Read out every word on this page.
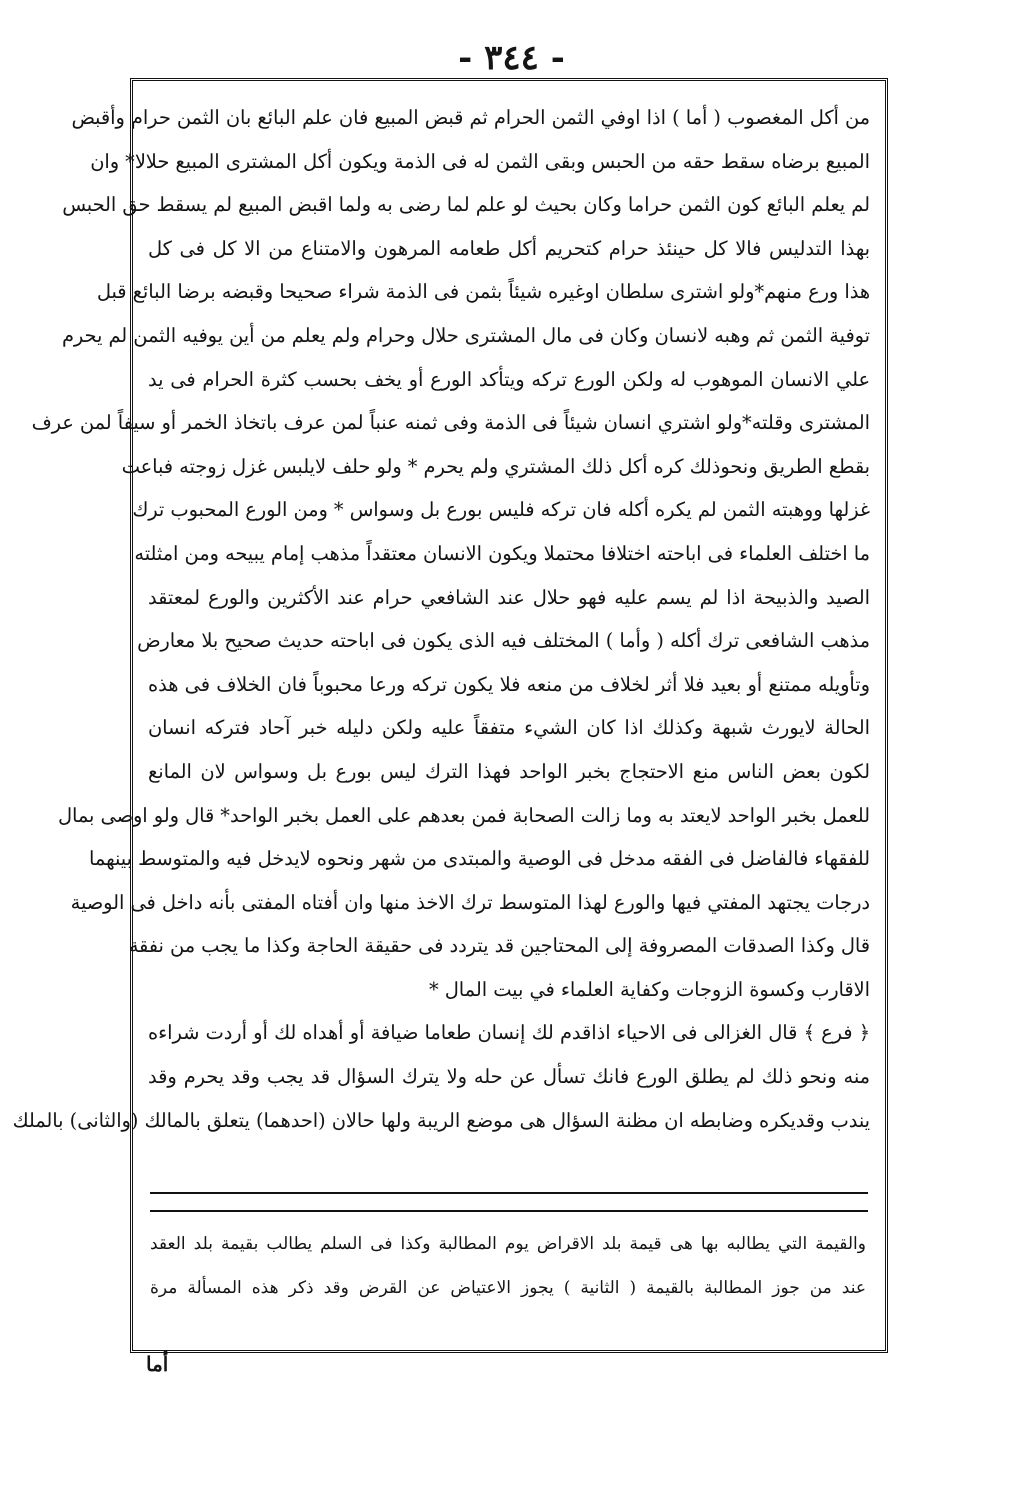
- ٣٤٤ -
من أكل المغصوب ( أما ) اذا اوفي الثمن الحرام ثم قبض المبيع فان علم البائع بان الثمن حرام وأقبض
المبيع برضاه سقط حقه من الحبس وبقى الثمن له فى الذمة ويكون أكل المشترى المبيع حلالا* وان
لم يعلم البائع كون الثمن حراما وكان بحيث لو علم لما رضى به ولما اقبض المبيع لم يسقط حق الحبس
بهذا التدليس فالا كل حينئذ حرام كتحريم أكل طعامه المرهون والامتناع من الا كل فى كل
هذا ورع منهم*ولو اشترى سلطان اوغيره شيئاً بثمن فى الذمة شراء صحيحا وقبضه برضا البائع قبل
توفية الثمن ثم وهبه لانسان وكان فى مال المشترى حلال وحرام ولم يعلم من أين يوفيه الثمن لم يحرم
علي الانسان الموهوب له ولكن الورع تركه ويتأكد الورع أو يخف بحسب كثرة الحرام فى يد
المشترى وقلته*ولو اشتري انسان شيئاً فى الذمة وفى ثمنه عنباً لمن عرف باتخاذ الخمر أو سيفاً لمن عرف
بقطع الطريق ونحوذلك كره أكل ذلك المشتري ولم يحرم * ولو حلف لايلبس غزل زوجته فباعت
غزلها ووهبته الثمن لم يكره أكله فان تركه فليس بورع بل وسواس * ومن الورع المحبوب ترك
ما اختلف العلماء فى اباحته اختلافا محتملا ويكون الانسان معتقداً مذهب إمام يبيحه ومن امثلته
الصيد والذبيحة اذا لم يسم عليه فهو حلال عند الشافعي حرام عند الأكثرين والورع لمعتقد
مذهب الشافعى ترك أكله ( وأما ) المختلف فيه الذى يكون فى اباحته حديث صحيح بلا معارض
وتأويله ممتنع أو بعيد فلا أثر لخلاف من منعه فلا يكون تركه ورعا محبوباً فان الخلاف فى هذه
الحالة لايورث شبهة وكذلك اذا كان الشيء متفقاً عليه ولكن دليله خبر آحاد فتركه انسان
لكون بعض الناس منع الاحتجاج بخبر الواحد فهذا الترك ليس بورع بل وسواس لان المانع
للعمل بخبر الواحد لايعتد به وما زالت الصحابة فمن بعدهم على العمل بخبر الواحد* قال ولو اوصى بمال
للفقهاء فالفاضل فى الفقه مدخل فى الوصية والمبتدى من شهر ونحوه لايدخل فيه والمتوسط بينهما
درجات يجتهد المفتي فيها والورع لهذا المتوسط ترك الاخذ منها وان أفتاه المفتى بأنه داخل فى الوصية
قال وكذا الصدقات المصروفة إلى المحتاجين قد يتردد فى حقيقة الحاجة وكذا ما يجب من نفقة
الاقارب وكسوة الزوجات وكفاية العلماء في بيت المال *
﴿ فرع ﴾ قال الغزالى فى الاحياء اذاقدم لك إنسان طعاما ضيافة أو أهداه لك أو أردت شراءه
منه ونحو ذلك لم يطلق الورع فانك تسأل عن حله ولا يترك السؤال قد يجب وقد يحرم وقد
يندب وقديكره وضابطه ان مظنة السؤال هى موضع الريبة ولها حالان (احدهما) يتعلق بالمالك (والثانى) بالملك
والقيمة التي يطالبه بها هى قيمة بلد الاقراض يوم المطالبة وكذا فى السلم يطالب بقيمة بلد العقد
عند من جوز المطالبة بالقيمة ( الثانية ) يجوز الاعتياض عن القرض وقد ذكر هذه المسألة مرة
أما
